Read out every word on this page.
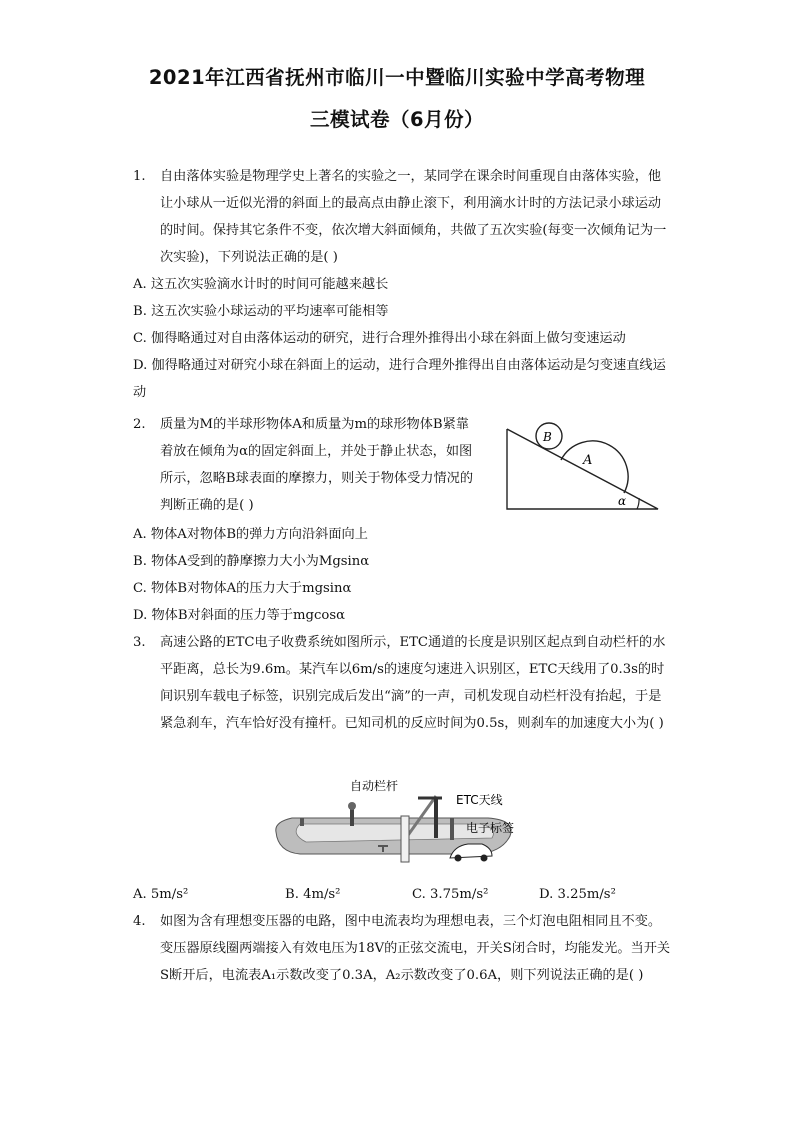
2021年江西省抚州市临川一中暨临川实验中学高考物理
三模试卷（6月份）
1.	自由落体实验是物理学史上著名的实验之一，某同学在课余时间重现自由落体实验，他让小球从一近似光滑的斜面上的最高点由静止滚下，利用滴水计时的方法记录小球运动的时间。保持其它条件不变，依次增大斜面倾角，共做了五次实验(每变一次倾角记为一次实验)，下列说法正确的是( )
A. 这五次实验滴水计时的时间可能越来越长
B. 这五次实验小球运动的平均速率可能相等
C. 伽得略通过对自由落体运动的研究，进行合理外推得出小球在斜面上做匀变速运动
D. 伽得略通过对研究小球在斜面上的运动，进行合理外推得出自由落体运动是匀变速直线运动
2.	质量为M的半球形物体A和质量为m的球形物体B紧靠着放在倾角为α的固定斜面上，并处于静止状态，如图所示，忽略B球表面的摩擦力，则关于物体受力情况的判断正确的是( )
A
B
α
A. 物体A对物体B的弹力方向沿斜面向上
B. 物体A受到的静摩擦力大小为Mgsinα
C. 物体B对物体A的压力大于mgsinα
D. 物体B对斜面的压力等于mgcosα
3.	高速公路的ETC电子收费系统如图所示，ETC通道的长度是识别区起点到自动栏杆的水平距离，总长为9.6m。某汽车以6m/s的速度匀速进入识别区，ETC天线用了0.3s的时间识别车载电子标签，识别完成后发出“滴”的一声，司机发现自动栏杆没有抬起，于是紧急刹车，汽车恰好没有撞杆。已知司机的反应时间为0.5s，则刹车的加速度大小为( )
自动栏杆
ETC天线
电子标签
A. 5m/s²	B. 4m/s²	C. 3.75m/s²	D. 3.25m/s²
4.	如图为含有理想变压器的电路，图中电流表均为理想电表，三个灯泡电阻相同且不变。变压器原线圈两端接入有效电压为18V的正弦交流电，开关S闭合时，均能发光。当开关S断开后，电流表A₁示数改变了0.3A，A₂示数改变了0.6A，则下列说法正确的是( )
